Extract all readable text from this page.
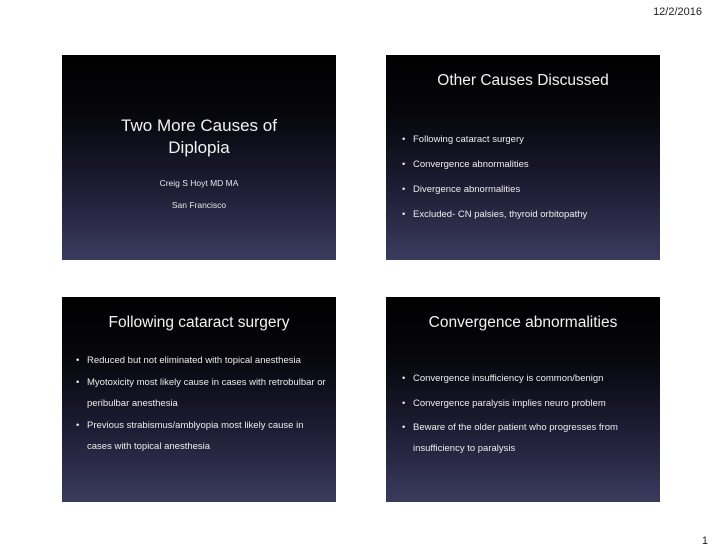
12/2/2016
Two More Causes of Diplopia
Creig S Hoyt MD MA
San Francisco
Other Causes Discussed
• Following cataract surgery
• Convergence abnormalities
• Divergence abnormalities
• Excluded- CN palsies, thyroid orbitopathy
Following cataract surgery
• Reduced but not eliminated with topical anesthesia
• Myotoxicity most likely cause in cases with retrobulbar or peribulbar anesthesia
• Previous strabismus/amblyopia most likely cause in cases with topical anesthesia
Convergence abnormalities
• Convergence insufficiency is common/benign
• Convergence paralysis implies neuro problem
• Beware of the older patient who progresses from insufficiency to paralysis
1
